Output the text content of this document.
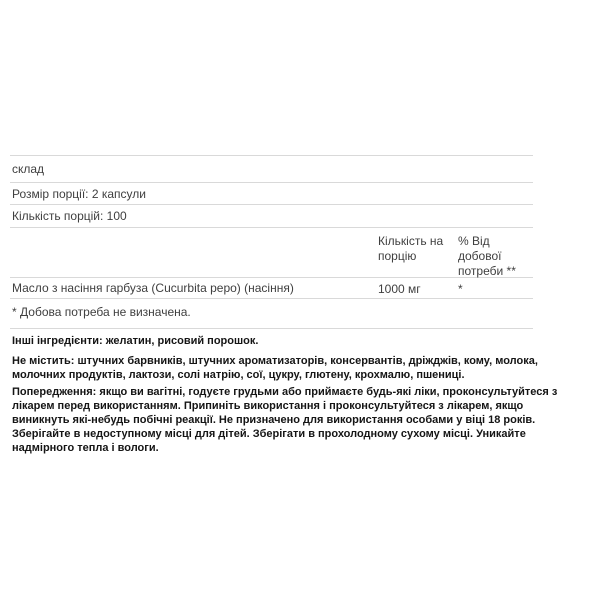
склад
Розмір порції: 2 капсули
Кількість порцій: 100
Кількість на порцію
% Від добової потреби **
Масло з насіння гарбуза (Cucurbita pepo) (насіння)	1000 мг	*
* Добова потреба не визначена.

Інші інгредієнти: желатин, рисовий порошок.

Не містить: штучних барвників, штучних ароматизаторів, консервантів, дріжджів, кому, молока, молочних продуктів, лактози, солі натрію, сої, цукру, глютену, крохмалю, пшениці.

Попередження: якщо ви вагітні, годуєте грудьми або приймаєте будь-які ліки, проконсультуйтеся з лікарем перед використанням. Припиніть використання і проконсультуйтеся з лікарем, якщо виникнуть які-небудь побічні реакції. Не призначено для використання особами у віці 18 років. Зберігайте в недоступному місці для дітей. Зберігати в прохолодному сухому місці. Уникайте надмірного тепла і вологи.
